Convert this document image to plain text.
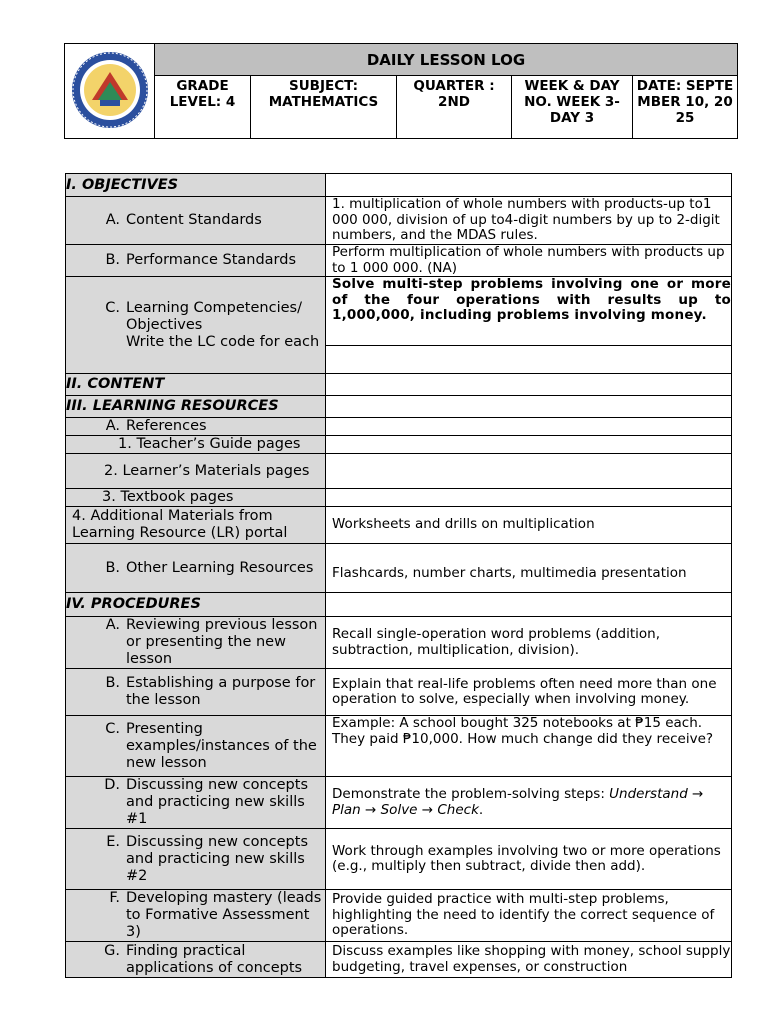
DAILY LESSON LOG
GRADE LEVEL: 4
SUBJECT: MATHEMATICS
QUARTER : 2ND
WEEK & DAY NO. WEEK 3-DAY 3
DATE: SEPTEMBER 10, 2025
I. OBJECTIVES	

A. Content Standards	1. multiplication of whole numbers with products-up to1 000 000, division of up to4-digit numbers by up to 2-digit numbers, and the MDAS rules.

B. Performance Standards	Perform multiplication of whole numbers with products up to 1 000 000. (NA)

C. Learning Competencies/ Objectives
Write the LC code for each	Solve multi-step problems involving one or more of the four operations with results up to 1,000,000, including problems involving money.

II. CONTENT	
III. LEARNING RESOURCES	

A. References	

1. Teacher’s Guide pages	
2. Learner’s Materials pages	
3. Textbook pages	
4. Additional Materials from Learning Resource (LR) portal	Worksheets and drills on multiplication

B. Other Learning Resources	Flashcards, number charts, multimedia presentation
IV. PROCEDURES	

A. Reviewing previous lesson or presenting the new lesson	Recall single-operation word problems (addition, subtraction, multiplication, division).

B. Establishing a purpose for the lesson	Explain that real-life problems often need more than one operation to solve, especially when involving money.

C. Presenting examples/instances of the new lesson	Example: A school bought 325 notebooks at ₱15 each. They paid ₱10,000. How much change did they receive?

D. Discussing new concepts and practicing new skills #1	Demonstrate the problem-solving steps: Understand → Plan → Solve → Check.

E. Discussing new concepts and practicing new skills #2	Work through examples involving two or more operations (e.g., multiply then subtract, divide then add).

F. Developing mastery (leads to Formative Assessment 3)	Provide guided practice with multi-step problems, highlighting the need to identify the correct sequence of operations.

G. Finding practical applications of concepts	Discuss examples like shopping with money, school supply budgeting, travel expenses, or construction
